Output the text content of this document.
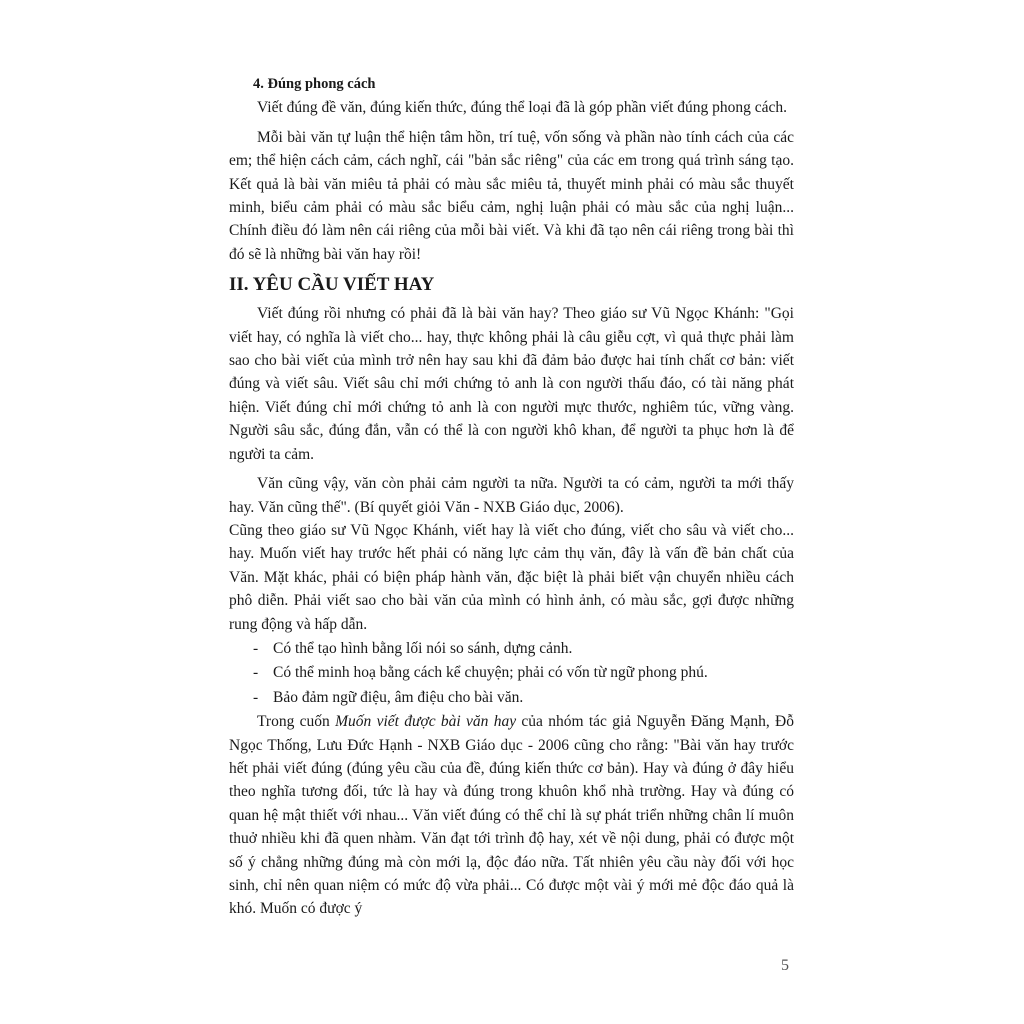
4. Đúng phong cách

Viết đúng đề văn, đúng kiến thức, đúng thể loại đã là góp phần viết đúng phong cách.

Mỗi bài văn tự luận thể hiện tâm hồn, trí tuệ, vốn sống và phần nào tính cách của các em; thể hiện cách cảm, cách nghĩ, cái "bản sắc riêng" của các em trong quá trình sáng tạo. Kết quả là bài văn miêu tả phải có màu sắc miêu tả, thuyết minh phải có màu sắc thuyết minh, biểu cảm phải có màu sắc biểu cảm, nghị luận phải có màu sắc của nghị luận... Chính điều đó làm nên cái riêng của mỗi bài viết. Và khi đã tạo nên cái riêng trong bài thì đó sẽ là những bài văn hay rồi!

II. YÊU CẦU VIẾT HAY

Viết đúng rồi nhưng có phải đã là bài văn hay? Theo giáo sư Vũ Ngọc Khánh: "Gọi viết hay, có nghĩa là viết cho... hay, thực không phải là câu giễu cợt, vì quả thực phải làm sao cho bài viết của mình trở nên hay sau khi đã đảm bảo được hai tính chất cơ bản: viết đúng và viết sâu. Viết sâu chỉ mới chứng tỏ anh là con người thấu đáo, có tài năng phát hiện. Viết đúng chỉ mới chứng tỏ anh là con người mực thước, nghiêm túc, vững vàng. Người sâu sắc, đúng đắn, vẫn có thể là con người khô khan, để người ta phục hơn là để người ta cảm.

Văn cũng vậy, văn còn phải cảm người ta nữa. Người ta có cảm, người ta mới thấy hay. Văn cũng thế". (Bí quyết giỏi Văn - NXB Giáo dục, 2006).

Cũng theo giáo sư Vũ Ngọc Khánh, viết hay là viết cho đúng, viết cho sâu và viết cho... hay. Muốn viết hay trước hết phải có năng lực cảm thụ văn, đây là vấn đề bản chất của Văn. Mặt khác, phải có biện pháp hành văn, đặc biệt là phải biết vận chuyển nhiều cách phô diễn. Phải viết sao cho bài văn của mình có hình ảnh, có màu sắc, gợi được những rung động và hấp dẫn.

- Có thể tạo hình bằng lối nói so sánh, dựng cảnh.
- Có thể minh hoạ bằng cách kể chuyện; phải có vốn từ ngữ phong phú.
- Bảo đảm ngữ điệu, âm điệu cho bài văn.

Trong cuốn Muốn viết được bài văn hay của nhóm tác giả Nguyễn Đăng Mạnh, Đỗ Ngọc Thống, Lưu Đức Hạnh - NXB Giáo dục - 2006 cũng cho rằng: "Bài văn hay trước hết phải viết đúng (đúng yêu cầu của đề, đúng kiến thức cơ bản). Hay và đúng ở đây hiểu theo nghĩa tương đối, tức là hay và đúng trong khuôn khổ nhà trường. Hay và đúng có quan hệ mật thiết với nhau... Văn viết đúng có thể chỉ là sự phát triển những chân lí muôn thuở nhiều khi đã quen nhàm. Văn đạt tới trình độ hay, xét về nội dung, phải có được một số ý chẳng những đúng mà còn mới lạ, độc đáo nữa. Tất nhiên yêu cầu này đối với học sinh, chỉ nên quan niệm có mức độ vừa phải... Có được một vài ý mới mẻ độc đáo quả là khó. Muốn có được ý

5
